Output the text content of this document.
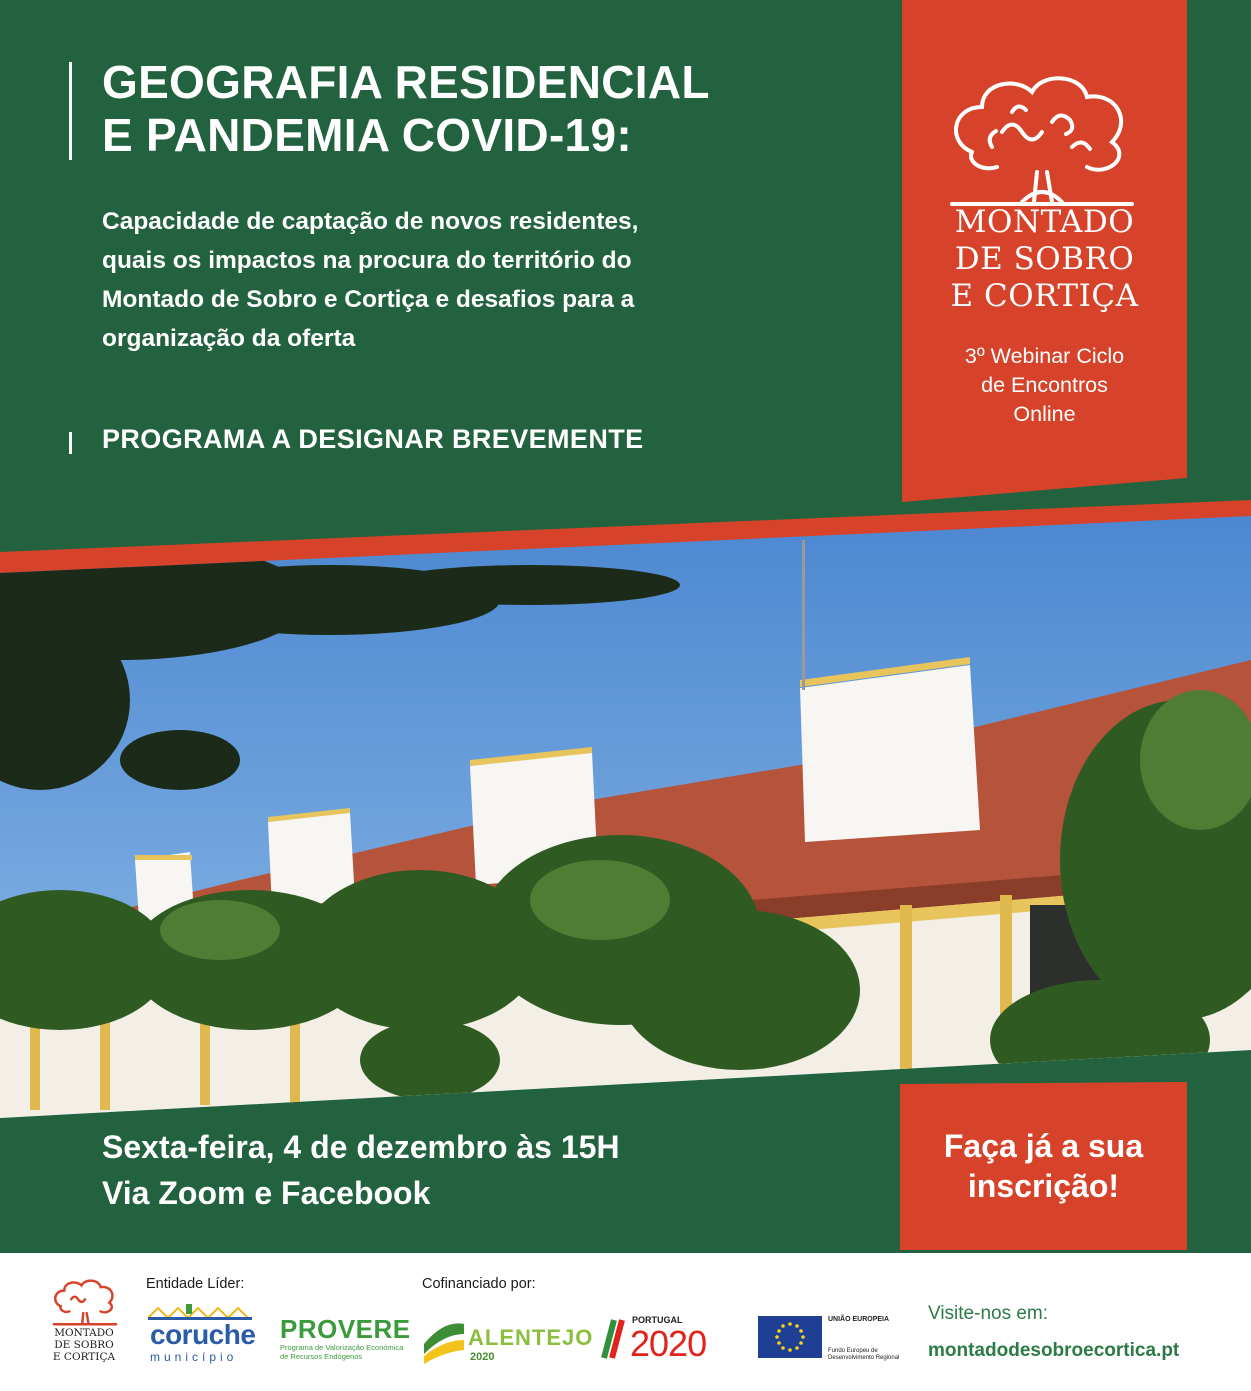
GEOGRAFIA RESIDENCIAL
E PANDEMIA COVID-19:
Capacidade de captação de novos residentes,
quais os impactos na procura do território do
Montado de Sobro e Cortiça e desafios para a
organização da oferta
PROGRAMA A DESIGNAR BREVEMENTE
MONTADO
DE SOBRO
E CORTIÇA
3º Webinar Ciclo
de Encontros
Online
Sexta-feira, 4 de dezembro às 15H
Via Zoom e Facebook
Faça já a sua
inscrição!
MONTADO
DE SOBRO
E CORTIÇA
Entidade Líder:	Cofinanciado por:
coruche
município
PROVERE
Programa de Valorização Económica de Recursos Endógenos
ALENTEJO
2020
PORTUGAL
2020
UNIÃO EUROPEIA
Fundo Europeu de Desenvolvimento Regional
Visite-nos em:
montadodesobroecortica.pt
